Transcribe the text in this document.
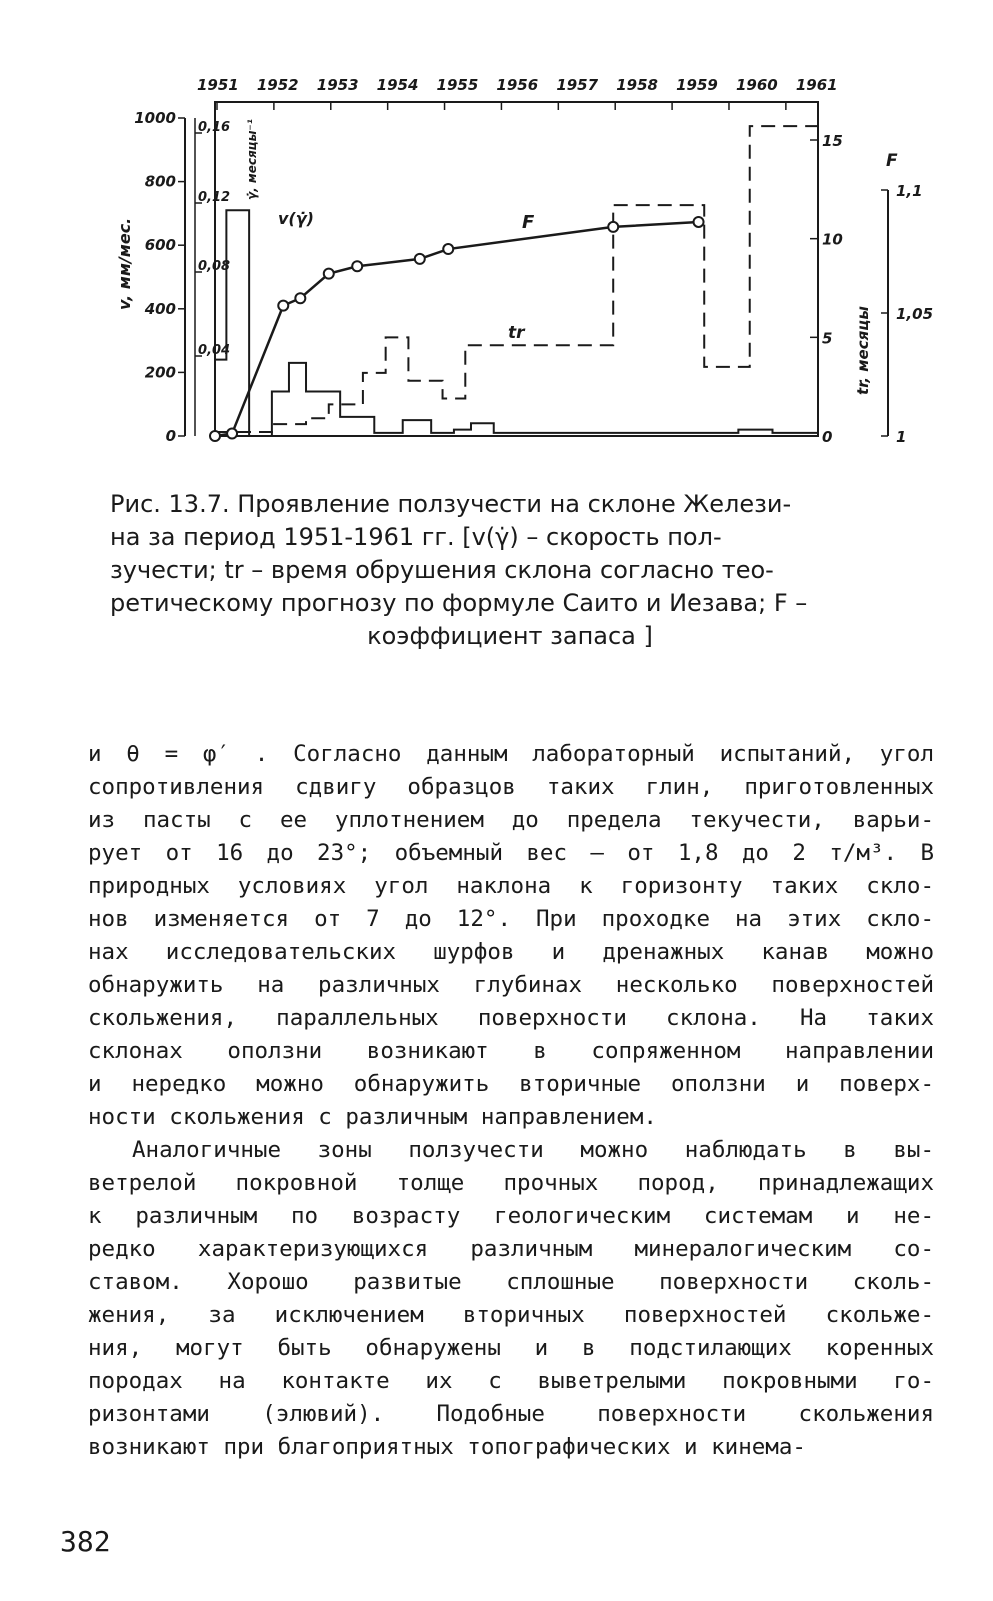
1951 1952 1953 1954 1955 1956 1957 1958 1959 1960 1961
1000
800
600
400
200
0
0,16
0,12
0,08
0,04
15
10
5
0
1,1
1,05
1
v, мм/мес.
γ̇, месяцы⁻¹
tr, месяцы
F
v(γ̇)	F
tr
Рис. 13.7. Проявление ползучести на склоне Желези-
на за период 1951-1961 гг. [v(γ̇) – скорость пол-
зучести; tr – время обрушения склона согласно тео-
ретическому прогнозу по формуле Саито и Иезава; F –
коэффициент запаса ]
и θ = φ′ . Согласно данным лабораторный испытаний, угол
сопротивления сдвигу образцов таких глин, приготовленных
из пасты с ее уплотнением до предела текучести, варьи-
рует от 16 до 23°; объемный вес – от 1,8 до 2 т/м³. В
природных условиях угол наклона к горизонту таких скло-
нов изменяется от 7 до 12°. При проходке на этих скло-
нах исследовательских шурфов и дренажных канав можно
обнаружить на различных глубинах несколько поверхностей
скольжения, параллельных поверхности склона. На таких
склонах оползни возникают в сопряженном направлении
и нередко можно обнаружить вторичные оползни и поверх-
ности скольжения с различным направлением.
Аналогичные зоны ползучести можно наблюдать в вы-
ветрелой покровной толще прочных пород, принадлежащих
к различным по возрасту геологическим системам и не-
редко характеризующихся различным минералогическим со-
ставом. Хорошо развитые сплошные поверхности сколь-
жения, за исключением вторичных поверхностей скольже-
ния, могут быть обнаружены и в подстилающих коренных
породах на контакте их с выветрелыми покровными го-
ризонтами (элювий). Подобные поверхности скольжения
возникают при благоприятных топографических и кинема-
382
